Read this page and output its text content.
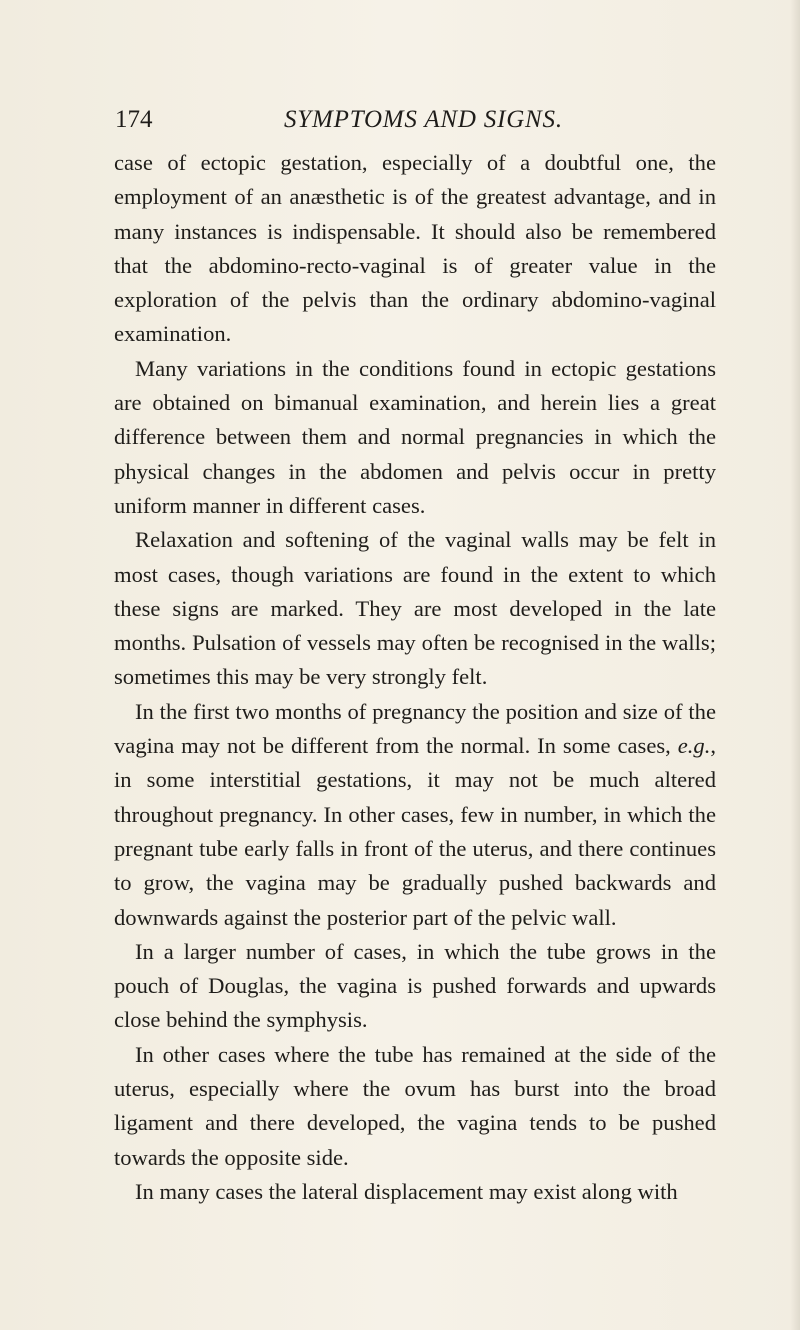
174	SYMPTOMS AND SIGNS.

case of ectopic gestation, especially of a doubtful one, the employment of an anæsthetic is of the greatest advantage, and in many instances is indispensable. It should also be remembered that the abdomino-recto-vaginal is of greater value in the exploration of the pelvis than the ordinary abdomino-vaginal examination.

Many variations in the conditions found in ectopic gestations are obtained on bimanual examination, and herein lies a great difference between them and normal pregnancies in which the physical changes in the abdomen and pelvis occur in pretty uniform manner in different cases.

Relaxation and softening of the vaginal walls may be felt in most cases, though variations are found in the extent to which these signs are marked. They are most developed in the late months. Pulsation of vessels may often be recognised in the walls; sometimes this may be very strongly felt.

In the first two months of pregnancy the position and size of the vagina may not be different from the normal. In some cases, e.g., in some interstitial gestations, it may not be much altered throughout pregnancy. In other cases, few in number, in which the pregnant tube early falls in front of the uterus, and there continues to grow, the vagina may be gradually pushed backwards and downwards against the posterior part of the pelvic wall.

In a larger number of cases, in which the tube grows in the pouch of Douglas, the vagina is pushed forwards and upwards close behind the symphysis.

In other cases where the tube has remained at the side of the uterus, especially where the ovum has burst into the broad ligament and there developed, the vagina tends to be pushed towards the opposite side.

In many cases the lateral displacement may exist along with
